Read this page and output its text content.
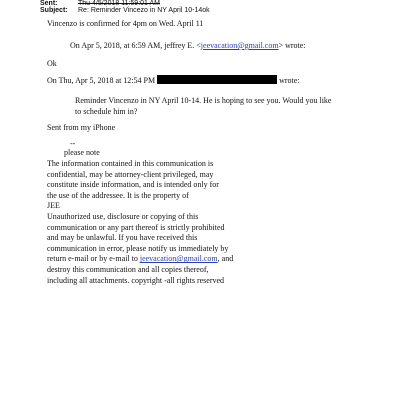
Sent:	Thu 4/5/2018 11:59:01 AM
Subject: Re: Reminder Vincezo in NY April 10-14ok
Vincenzo is confirmed for 4pm on Wed. April 11
On Apr 5, 2018, at 6:59 AM, jeffrey E. <jeevacation@gmail.com> wrote:
Ok
On Thu, Apr 5, 2018 at 12:54 PM	wrote:
Reminder Vincenzo in NY April 10-14. He is hoping to see you. Would you like
to schedule him in?
Sent from my iPhone
--
please note
The information contained in this communication is
confidential, may be attorney-client privileged, may
constitute inside information, and is intended only for
the use of the addressee. It is the property of
JEE
Unauthorized use, disclosure or copying of this
communication or any part thereof is strictly prohibited
and may be unlawful. If you have received this
communication in error, please notify us immediately by
return e-mail or by e-mail to jeevacation@gmail.com, and
destroy this communication and all copies thereof,
including all attachments. copyright -all rights reserved
